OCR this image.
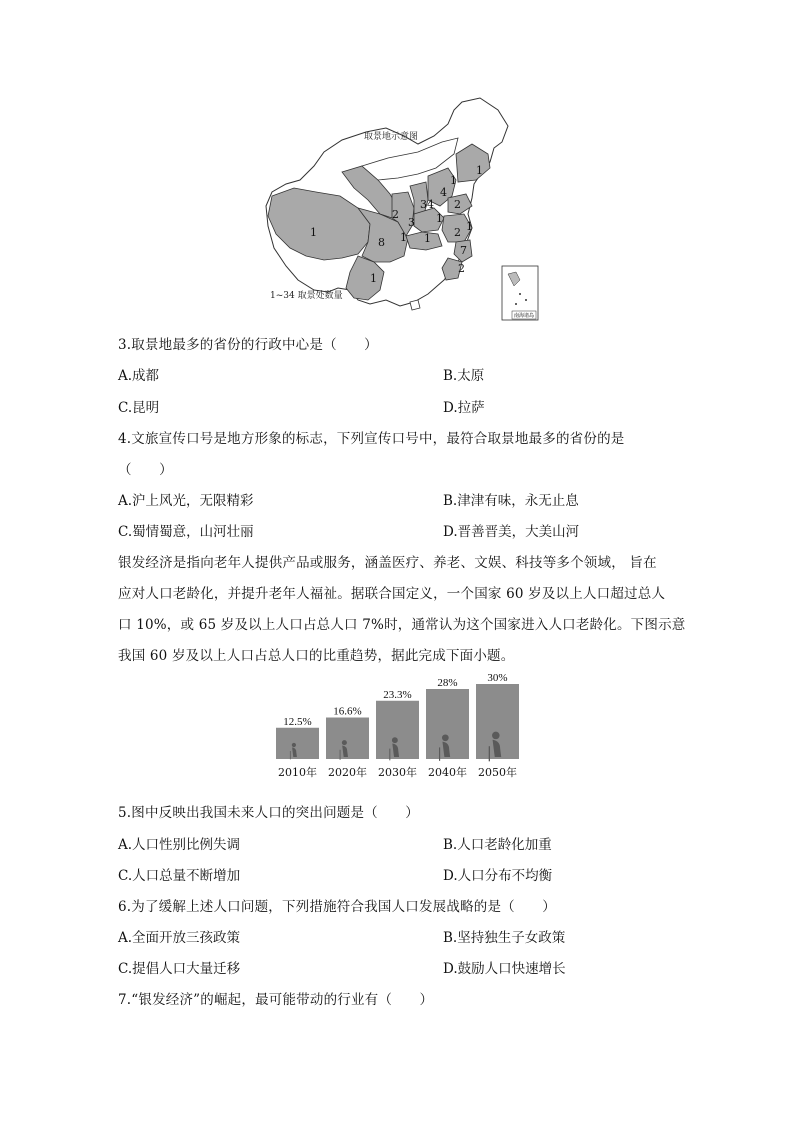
取景地示意图
1~34 取景处数量
1
8
1
2
34
3
4
1
2
1
1
1
2 1
7
2
1
南海诸岛
3.取景地最多的省份的行政中心是（　　）
A.成都	B.太原
C.昆明	D.拉萨
4.文旅宣传口号是地方形象的标志，下列宣传口号中，最符合取景地最多的省份的是
（　　）
A.沪上风光，无限精彩	B.津津有味，永无止息
C.蜀情蜀意，山河壮丽	D.晋善晋美，大美山河
银发经济是指向老年人提供产品或服务，涵盖医疗、养老、文娱、科技等多个领域， 旨在
应对人口老龄化，并提升老年人福祉。据联合国定义，一个国家 60 岁及以上人口超过总人
口 10%，或 65 岁及以上人口占总人口 7%时，通常认为这个国家进入人口老龄化。下图示意
我国 60 岁及以上人口占总人口的比重趋势，据此完成下面小题。
12.5%
2010年
16.6%
2020年
23.3%
2030年
28%
2040年
30%
2050年
5.图中反映出我国未来人口的突出问题是（　　）
A.人口性别比例失调	B.人口老龄化加重
C.人口总量不断增加	D.人口分布不均衡
6.为了缓解上述人口问题，下列措施符合我国人口发展战略的是（　　）
A.全面开放三孩政策	B.坚持独生子女政策
C.提倡人口大量迁移	D.鼓励人口快速增长
7.“银发经济”的崛起，最可能带动的行业有（　　）
